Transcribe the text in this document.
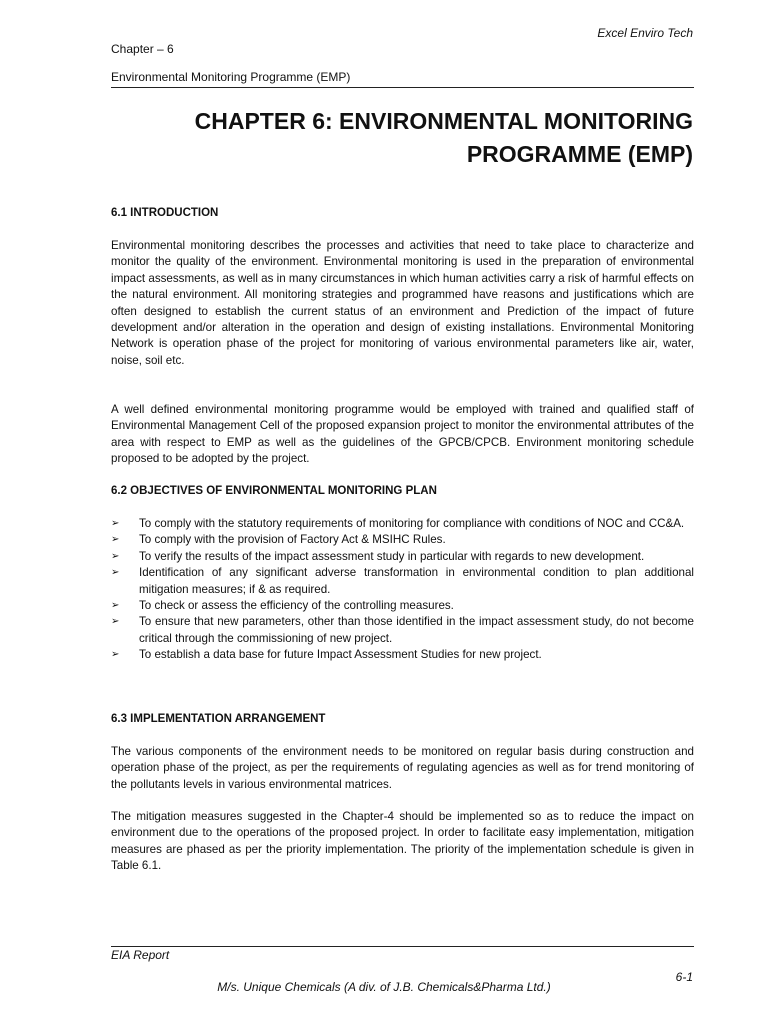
Excel Enviro Tech
Chapter – 6
Environmental Monitoring Programme (EMP)
CHAPTER 6: ENVIRONMENTAL MONITORING
PROGRAMME (EMP)
6.1 INTRODUCTION

Environmental monitoring describes the processes and activities that need to take place to characterize and monitor the quality of the environment. Environmental monitoring is used in the preparation of environmental impact assessments, as well as in many circumstances in which human activities carry a risk of harmful effects on the natural environment. All monitoring strategies and programmed have reasons and justifications which are often designed to establish the current status of an environment and Prediction of the impact of future development and/or alteration in the operation and design of existing installations. Environmental Monitoring Network is operation phase of the project for monitoring of various environmental parameters like air, water, noise, soil etc.

A well defined environmental monitoring programme would be employed with trained and qualified staff of Environmental Management Cell of the proposed expansion project to monitor the environmental attributes of the area with respect to EMP as well as the guidelines of the GPCB/CPCB. Environment monitoring schedule proposed to be adopted by the project.

6.2 OBJECTIVES OF ENVIRONMENTAL MONITORING PLAN
➢ To comply with the statutory requirements of monitoring for compliance with conditions of NOC and CC&A.
➢ To comply with the provision of Factory Act & MSIHC Rules.
➢ To verify the results of the impact assessment study in particular with regards to new development.
➢ Identification of any significant adverse transformation in environmental condition to plan additional mitigation measures; if & as required.
➢ To check or assess the efficiency of the controlling measures.
➢ To ensure that new parameters, other than those identified in the impact assessment study, do not become critical through the commissioning of new project.
➢ To establish a data base for future Impact Assessment Studies for new project.
6.3 IMPLEMENTATION ARRANGEMENT

The various components of the environment needs to be monitored on regular basis during construction and operation phase of the project, as per the requirements of regulating agencies as well as for trend monitoring of the pollutants levels in various environmental matrices.

The mitigation measures suggested in the Chapter-4 should be implemented so as to reduce the impact on environment due to the operations of the proposed project. In order to facilitate easy implementation, mitigation measures are phased as per the priority implementation. The priority of the implementation schedule is given in Table 6.1.

EIA Report
6-1
M/s. Unique Chemicals (A div. of J.B. Chemicals&Pharma Ltd.)
